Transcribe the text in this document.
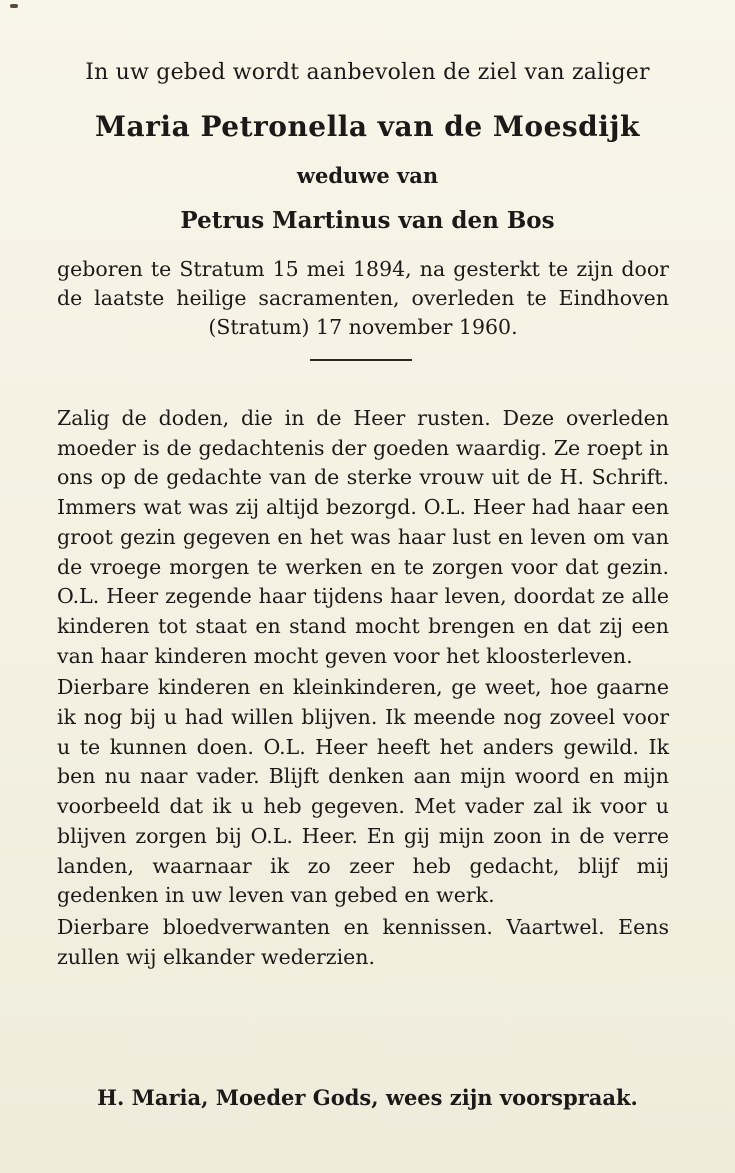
In uw gebed wordt aanbevolen de ziel van zaliger
Maria Petronella van de Moesdijk
weduwe van
Petrus Martinus van den Bos
geboren te Stratum 15 mei 1894, na gesterkt te zijn door de laatste heilige sacramenten, overleden te Eindhoven (Stratum) 17 november 1960.

Zalig de doden, die in de Heer rusten. Deze overleden moeder is de gedachtenis der goeden waardig. Ze roept in ons op de gedachte van de sterke vrouw uit de H. Schrift. Immers wat was zij altijd bezorgd. O.L. Heer had haar een groot gezin gegeven en het was haar lust en leven om van de vroege morgen te werken en te zorgen voor dat gezin. O.L. Heer zegende haar tijdens haar leven, doordat ze alle kinderen tot staat en stand mocht brengen en dat zij een van haar kinderen mocht geven voor het kloosterleven.

Dierbare kinderen en kleinkinderen, ge weet, hoe gaarne ik nog bij u had willen blijven. Ik meende nog zoveel voor u te kunnen doen. O.L. Heer heeft het anders gewild. Ik ben nu naar vader. Blijft denken aan mijn woord en mijn voorbeeld dat ik u heb gegeven. Met vader zal ik voor u blijven zorgen bij O.L. Heer. En gij mijn zoon in de verre landen, waarnaar ik zo zeer heb gedacht, blijf mij gedenken in uw leven van gebed en werk.

Dierbare bloedverwanten en kennissen. Vaartwel. Eens zullen wij elkander wederzien.

H. Maria, Moeder Gods, wees zijn voorspraak.
